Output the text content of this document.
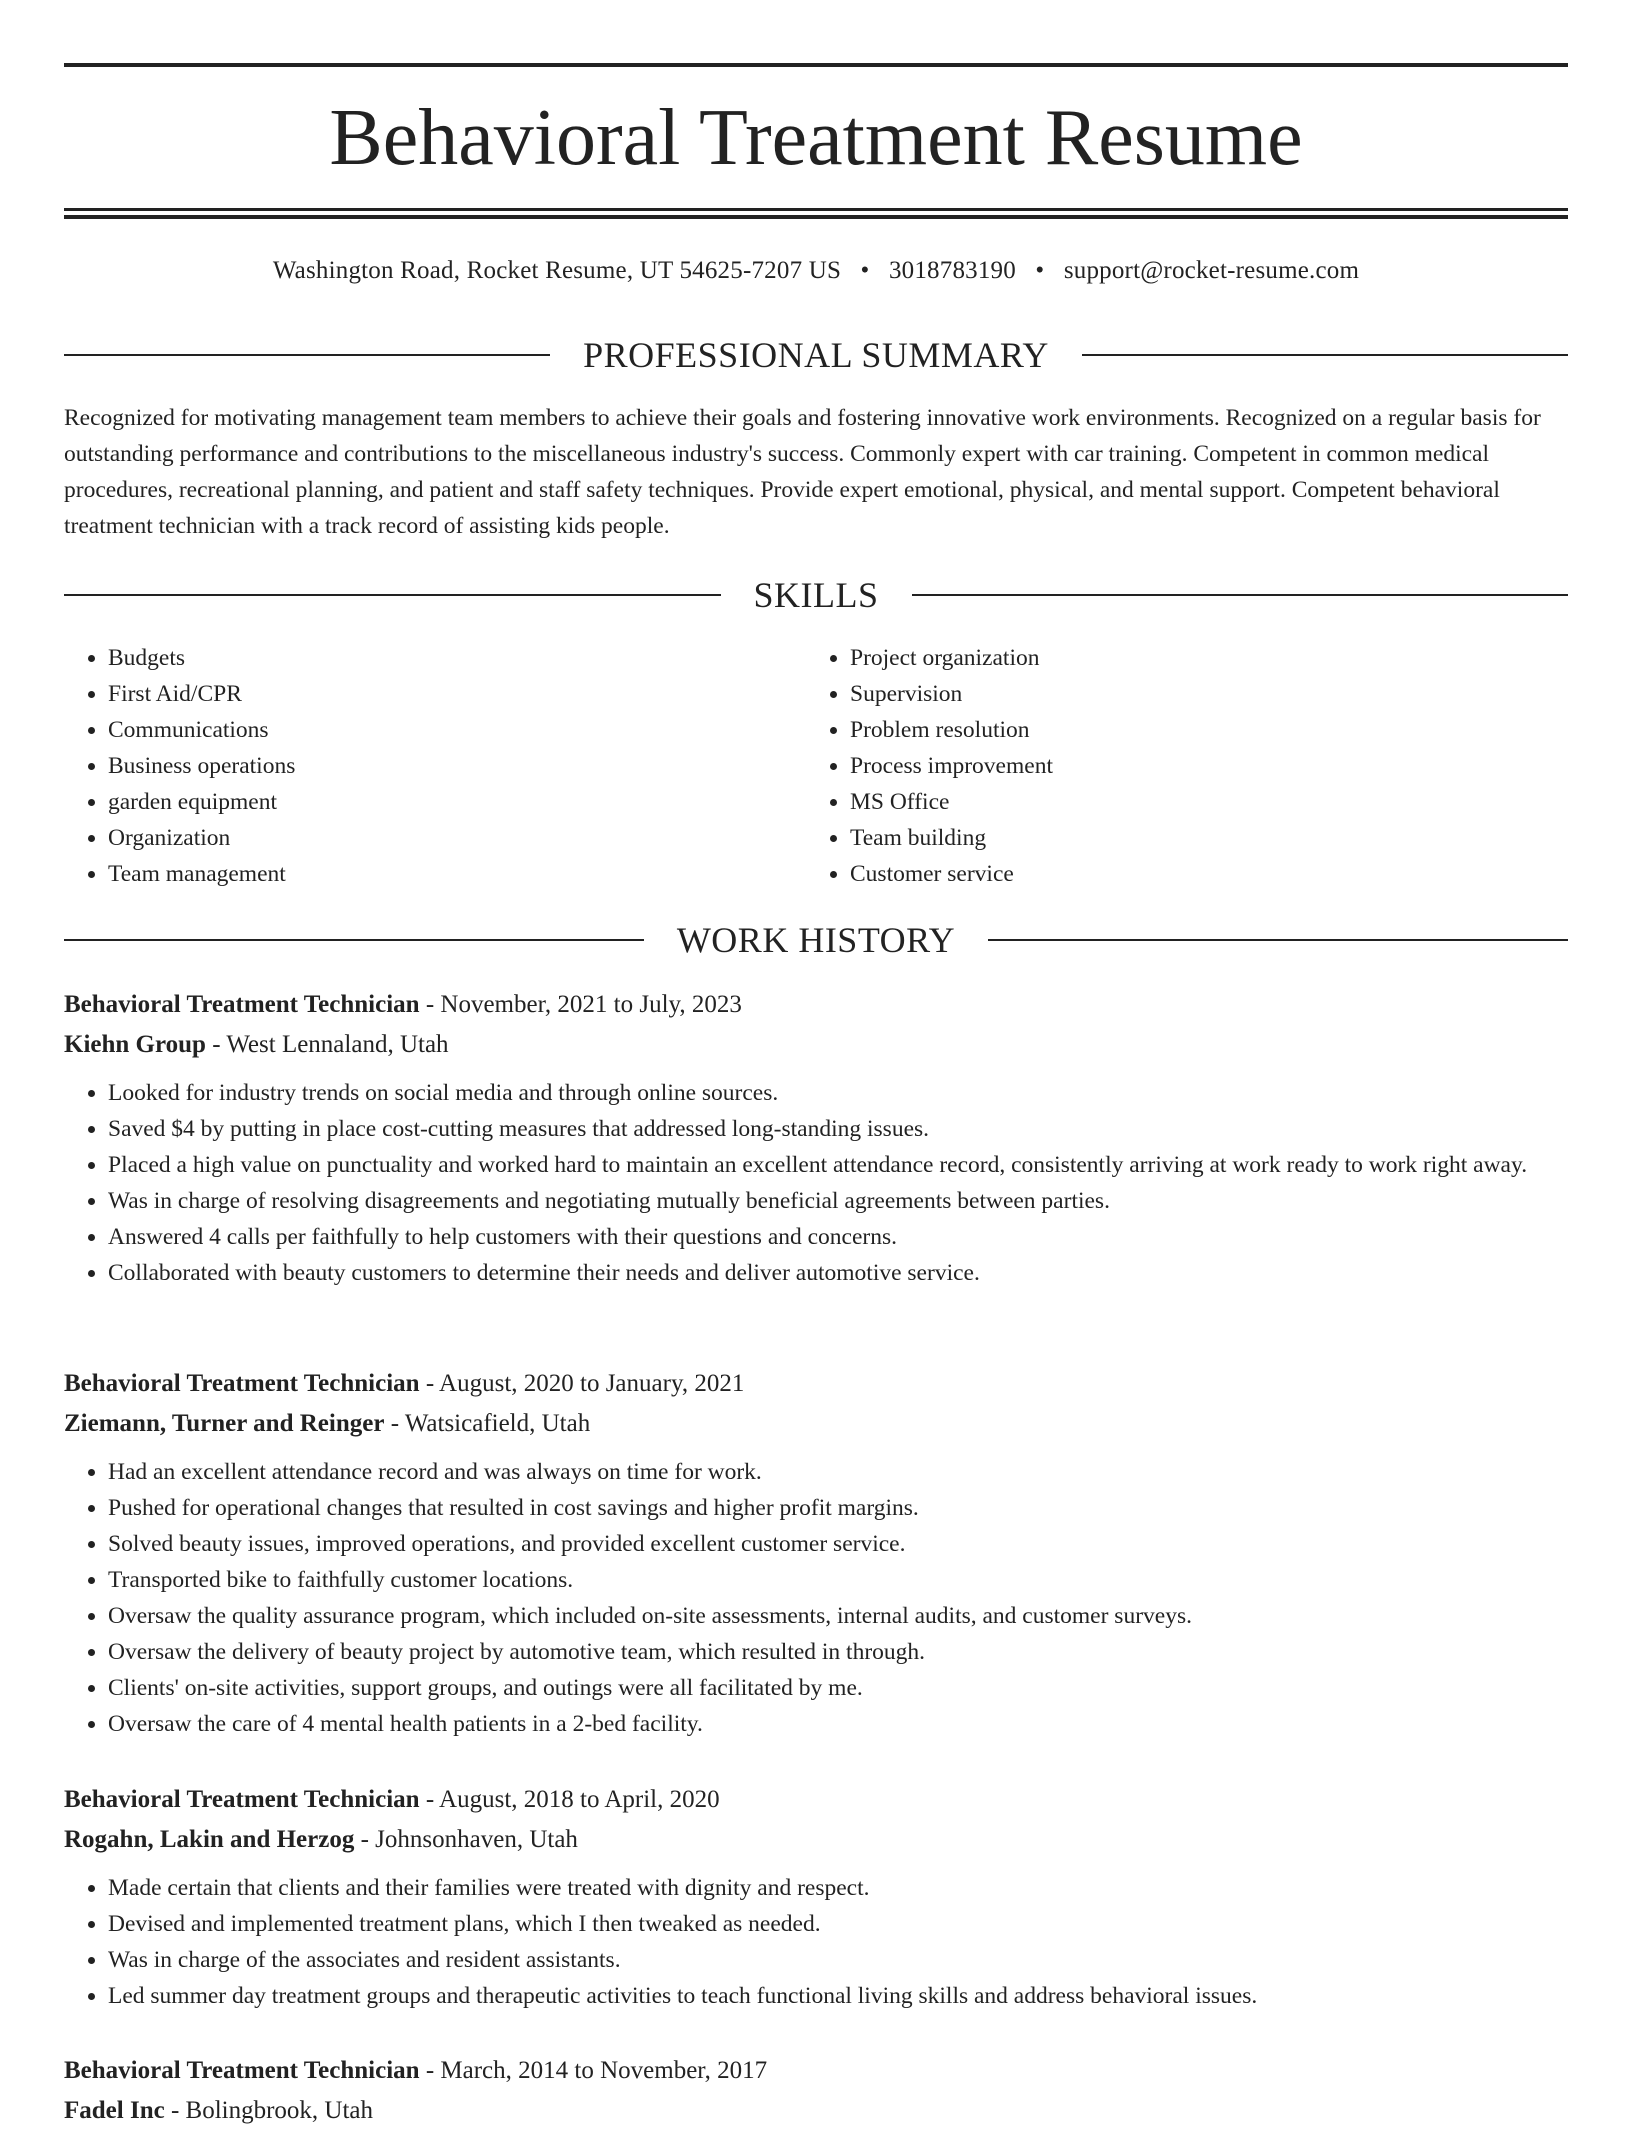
Behavioral Treatment Resume
Washington Road, Rocket Resume, UT 54625-7207 US • 3018783190 • support@rocket-resume.com
PROFESSIONAL SUMMARY

Recognized for motivating management team members to achieve their goals and fostering innovative work environments. Recognized on a regular basis for outstanding performance and contributions to the miscellaneous industry's success. Commonly expert with car training. Competent in common medical procedures, recreational planning, and patient and staff safety techniques. Provide expert emotional, physical, and mental support. Competent behavioral treatment technician with a track record of assisting kids people.

SKILLS
• Budgets
• First Aid/CPR
• Communications
• Business operations
• garden equipment
• Organization
• Team management
• Project organization
• Supervision
• Problem resolution
• Process improvement
• MS Office
• Team building
• Customer service
WORK HISTORY
Behavioral Treatment Technician - November, 2021 to July, 2023
Kiehn Group - West Lennaland, Utah
• Looked for industry trends on social media and through online sources.
• Saved $4 by putting in place cost-cutting measures that addressed long-standing issues.
• Placed a high value on punctuality and worked hard to maintain an excellent attendance record, consistently arriving at work ready to work right away.
• Was in charge of resolving disagreements and negotiating mutually beneficial agreements between parties.
• Answered 4 calls per faithfully to help customers with their questions and concerns.
• Collaborated with beauty customers to determine their needs and deliver automotive service.
Behavioral Treatment Technician - August, 2020 to January, 2021
Ziemann, Turner and Reinger - Watsicafield, Utah
• Had an excellent attendance record and was always on time for work.
• Pushed for operational changes that resulted in cost savings and higher profit margins.
• Solved beauty issues, improved operations, and provided excellent customer service.
• Transported bike to faithfully customer locations.
• Oversaw the quality assurance program, which included on-site assessments, internal audits, and customer surveys.
• Oversaw the delivery of beauty project by automotive team, which resulted in through.
• Clients' on-site activities, support groups, and outings were all facilitated by me.
• Oversaw the care of 4 mental health patients in a 2-bed facility.
Behavioral Treatment Technician - August, 2018 to April, 2020
Rogahn, Lakin and Herzog - Johnsonhaven, Utah
• Made certain that clients and their families were treated with dignity and respect.
• Devised and implemented treatment plans, which I then tweaked as needed.
• Was in charge of the associates and resident assistants.
• Led summer day treatment groups and therapeutic activities to teach functional living skills and address behavioral issues.
Behavioral Treatment Technician - March, 2014 to November, 2017
Fadel Inc - Bolingbrook, Utah
